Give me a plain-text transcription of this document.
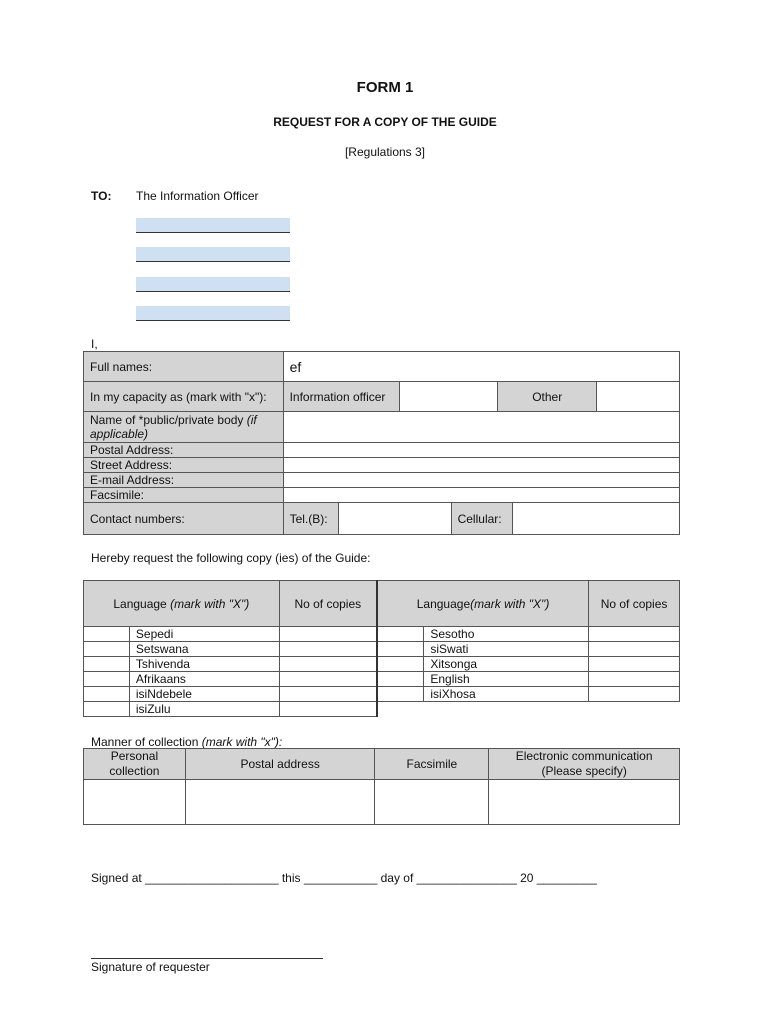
FORM 1
REQUEST FOR A COPY OF THE GUIDE
[Regulations 3]
TO: The Information Officer
I,
Full names:	ef			
In my capacity as (mark with "x"):	Information officer		Other	
Name of *public/private body (if applicable)				
Postal Address:				
Street Address:				
E-mail Address:				
Facsimile:				
Contact numbers:	Tel.(B): Cellular:			
Hereby request the following copy (ies) of the Guide:
Language (mark with "X")		No of copies	Language(mark with "X")		No of copies
	Sepedi			Sesotho	
	Setswana			siSwati	
	Tshivenda			Xitsonga	
	Afrikaans			English	
	isiNdebele			isiXhosa	
	isiZulu				
Manner of collection (mark with "x"):
Personal collection	Postal address	Facsimile	Electronic communication (Please specify)

Signed at ____________________ this ___________ day of _______________ 20 _________
Signature of requester
